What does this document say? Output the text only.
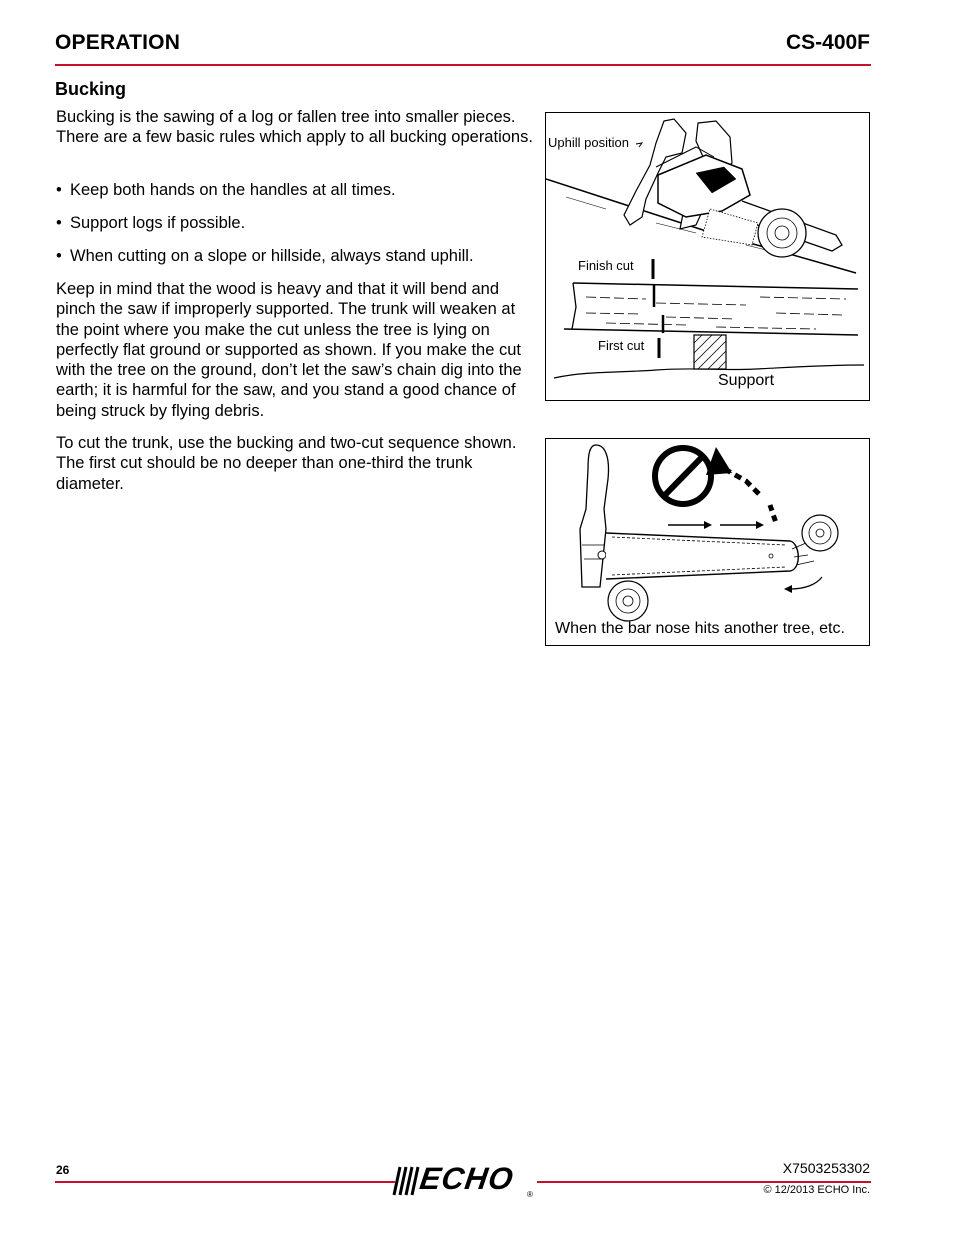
OPERATION	CS-400F
Bucking

Bucking is the sawing of a log or fallen tree into smaller pieces. There are a few basic rules which apply to all bucking operations.

• Keep both hands on the handles at all times.
• Support logs if possible.
• When cutting on a slope or hillside, always stand uphill.

Keep in mind that the wood is heavy and that it will bend and pinch the saw if improperly supported. The trunk will weaken at the point where you make the cut unless the tree is lying on perfectly flat ground or supported as shown. If you make the cut with the tree on the ground, don’t let the saw’s chain dig into the earth; it is harmful for the saw, and you stand a good chance of being struck by flying debris.

To cut the trunk, use the bucking and two-cut sequence shown. The first cut should be no deeper than one-third the trunk diameter.

Uphill position
Finish cut
First cut
Support
When the bar nose hits another tree, etc.
26	ECHO ®
X7503253302
© 12/2013 ECHO Inc.
